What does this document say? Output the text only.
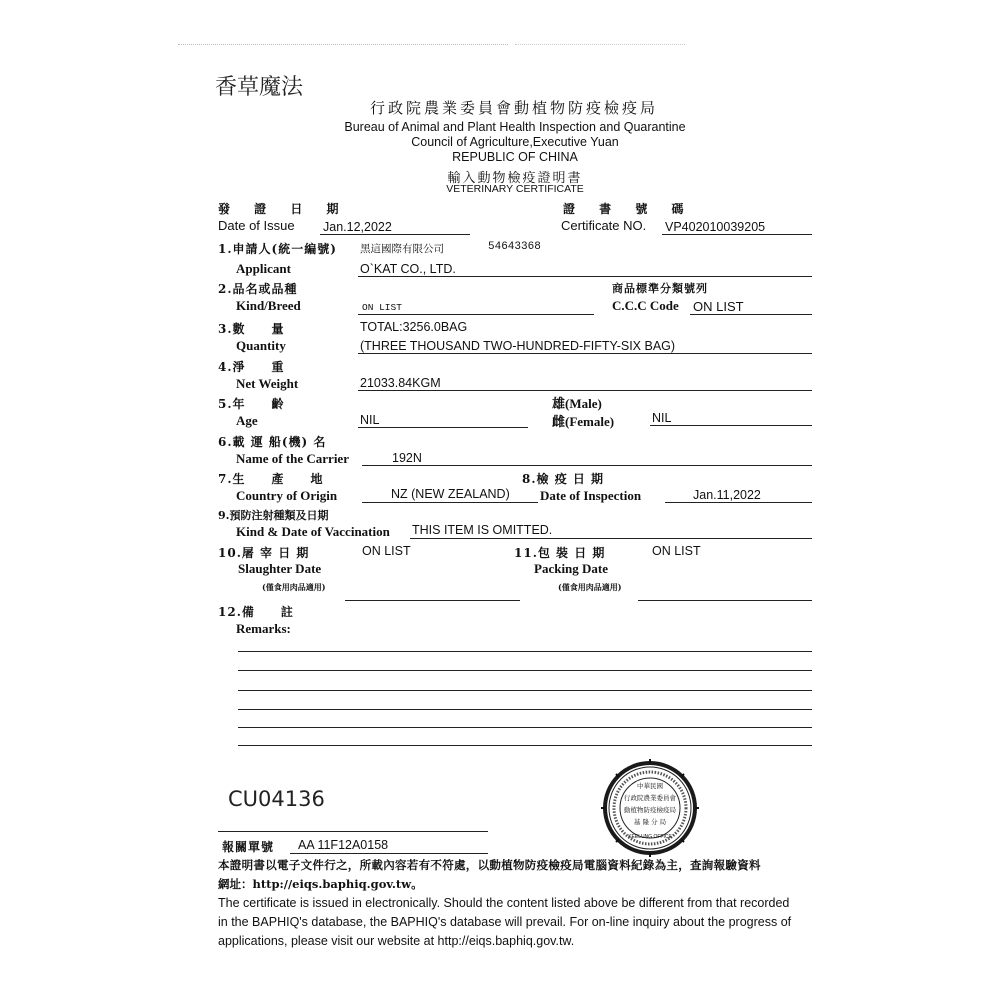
香草魔法
行政院農業委員會動植物防疫檢疫局
Bureau of Animal and Plant Health Inspection and Quarantine
Council of Agriculture,Executive Yuan
REPUBLIC OF CHINA
輸入動物檢疫證明書
VETERINARY CERTIFICATE
發 證 日 期
Date of Issue Jan.12,2022
證 書 號 碼
Certificate NO. VP402010039205
1.申請人(統一編號) 黑這國際有限公司	54643368
Applicant	O`KAT CO., LTD.
2.品名或品種	商品標準分類號列
Kind/Breed	ON LIST	C.C.C Code ON LIST
3.數　　量	TOTAL:3256.0BAG
Quantity	(THREE THOUSAND TWO-HUNDRED-FIFTY-SIX BAG)
4.淨　　重
Net Weight	21033.84KGM
5.年　　齡
Age	NIL
雄(Male)
雌(Female)	NIL
6.載 運 船(機) 名
Name of the Carrier	192N
7.生　　產　　地	8.檢 疫 日 期
Country of Origin	NZ (NEW ZEALAND) Date of Inspection	Jan.11,2022
9.預防注射種類及日期
Kind & Date of Vaccination THIS ITEM IS OMITTED.
10.屠 宰 日 期	ON LIST
Slaughter Date
(僅食用肉品適用)
11.包 裝 日 期	ON LIST
Packing Date
(僅食用肉品適用)
12.備　　註
Remarks:
CU04136
報關單號 AA 11F12A0158
中華民國
行政院農業委員會
動植物防疫檢疫局
基 隆 分 局
KEELUNG OFFICE
本證明書以電子文件行之，所載內容若有不符處，以動植物防疫檢疫局電腦資料紀錄為主，查詢報驗資料
網址：http://eiqs.baphiq.gov.tw。
The certificate is issued in electronically. Should the content listed above be different from that recorded
in the BAPHIQ's database, the BAPHIQ's database will prevail. For on-line inquiry about the progress of
applications, please visit our website at http://eiqs.baphiq.gov.tw.
